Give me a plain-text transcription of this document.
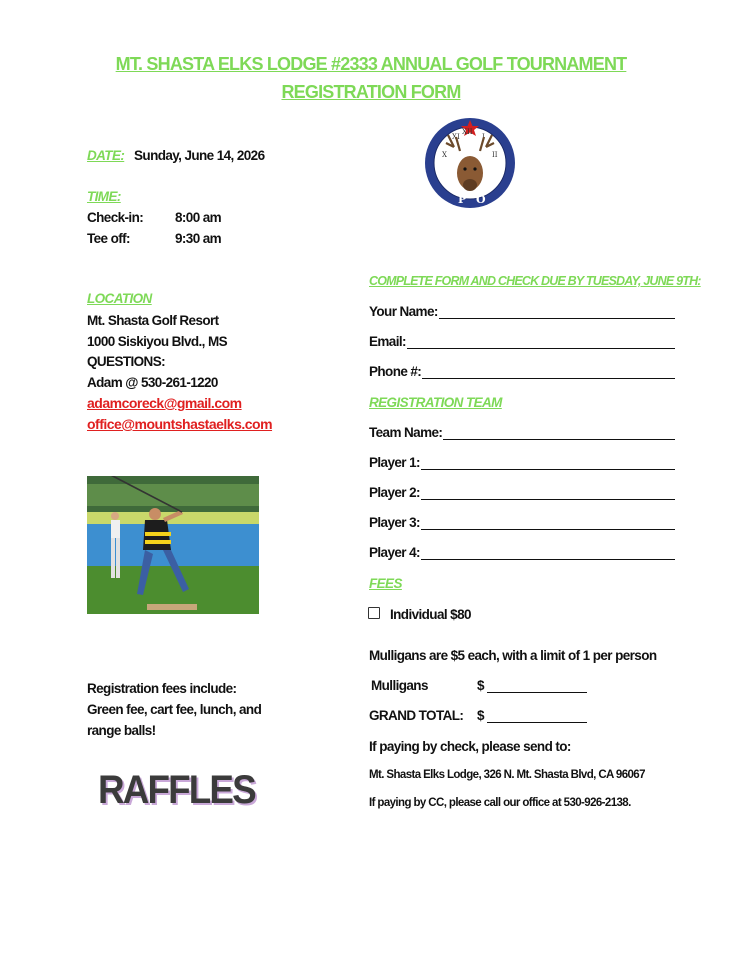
MT. SHASTA ELKS LODGE #2333 ANNUAL GOLF TOURNAMENT
REGISTRATION FORM
DATE: Sunday, June 14, 2026
TIME:
Check-in: 8:00 am
Tee off:	9:30 am
LOCATION
Mt. Shasta Golf Resort
1000 Siskiyou Blvd., MS
QUESTIONS:
Adam @ 530-261-1220
adamcoreck@gmail.com
office@mountshastaelks.com
Registration fees include:
Green fee, cart fee, lunch, and
range balls!
RAFFLES
XI
XII
I
X	II
B
P O
E
COMPLETE FORM AND CHECK DUE BY TUESDAY, JUNE 9TH:
Your Name:
Email:
Phone #:
REGISTRATION TEAM
Team Name:
Player 1:
Player 2:
Player 3:
Player 4:
FEES
Individual $80
Mulligans are $5 each, with a limit of 1 per person
Mulligans	$
GRAND TOTAL: $
If paying by check, please send to:
Mt. Shasta Elks Lodge, 326 N. Mt. Shasta Blvd, CA 96067
If paying by CC, please call our office at 530-926-2138.
